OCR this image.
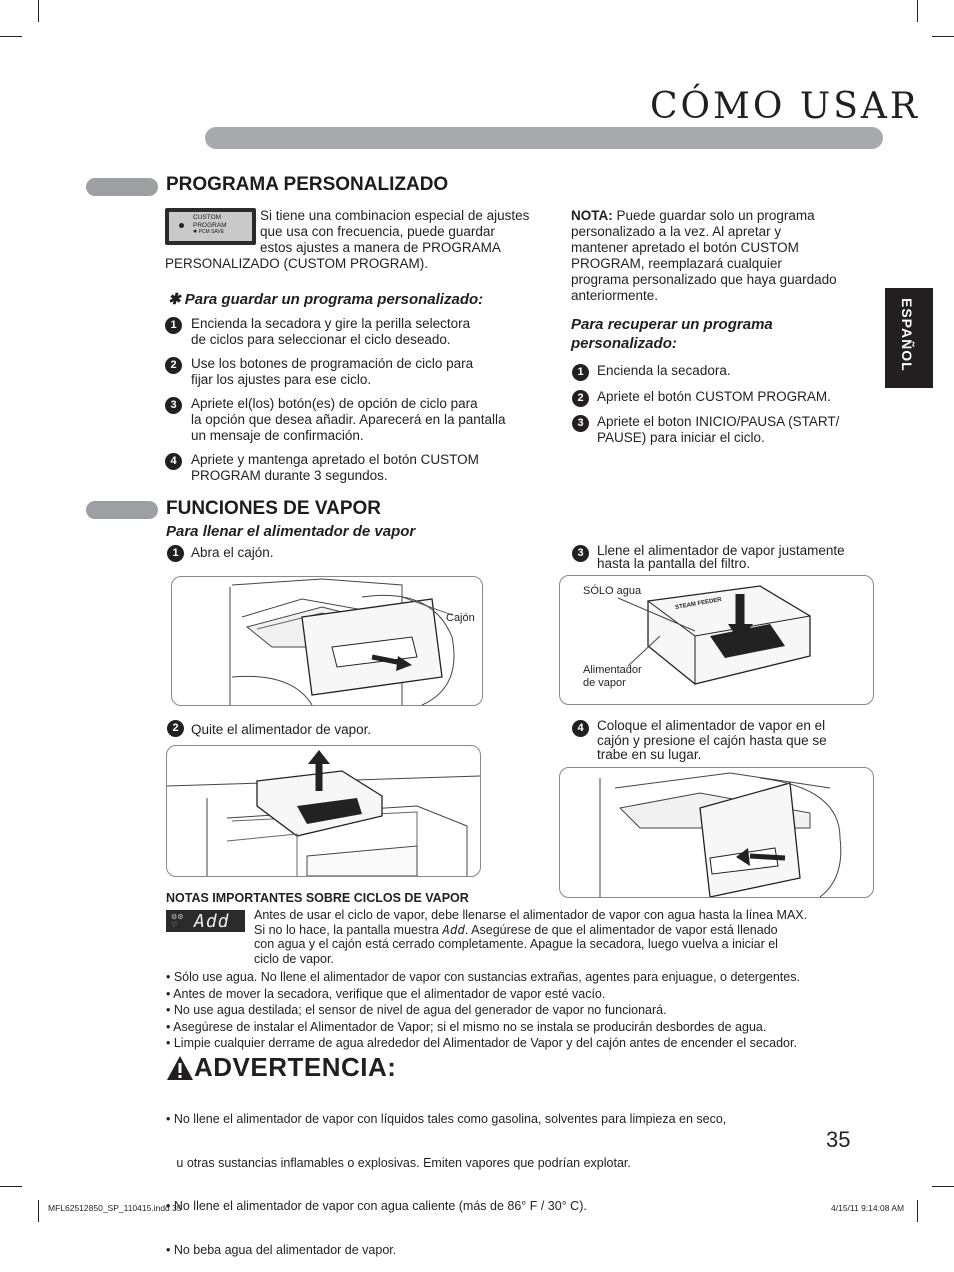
CÓMO USAR
ESPAÑOL
PROGRAMA PERSONALIZADO
CUSTOM
PROGRAM
✱ PCM SAVE
Si tiene una combinacion especial de ajustes
que usa con frecuencia, puede guardar
estos ajustes a manera de PROGRAMA
PERSONALIZADO (CUSTOM PROGRAM).
✱ Para guardar un programa personalizado:
1	Encienda la secadora y gire la perilla selectora
de ciclos para seleccionar el ciclo deseado.
2	Use los botones de programación de ciclo para
fijar los ajustes para ese ciclo.
3	Apriete el(los) botón(es) de opción de ciclo para
la opción que desea añadir. Aparecerá en la pantalla
un mensaje de confirmación.
4	Apriete y mantenga apretado el botón CUSTOM
PROGRAM durante 3 segundos.
NOTA: Puede guardar solo un programa
personalizado a la vez. Al apretar y
mantener apretado el botón CUSTOM
PROGRAM, reemplazará cualquier
programa personalizado que haya guardado
anteriormente.
Para recuperar un programa
personalizado:
1 Encienda la secadora.
2 Apriete el botón CUSTOM PROGRAM.
3 Apriete el boton INICIO/PAUSA (START/
PAUSE) para iniciar el ciclo.
FUNCIONES DE VAPOR
Para llenar el alimentador de vapor
1 Abra el cajón.
Cajón
2 Quite el alimentador de vapor.
3 Llene el alimentador de vapor justamente
hasta la pantalla del filtro.
SÓLO agua
Alimentador
de vapor
STEAM FEEDER
4 Coloque el alimentador de vapor en el
cajón y presione el cajón hasta que se
trabe en su lugar.
NOTAS IMPORTANTES SOBRE CICLOS DE VAPOR
⚙⚙
♡ Add Antes de usar el ciclo de vapor, debe llenarse el alimentador de vapor con agua hasta la línea MAX.
Si no lo hace, la pantalla muestra Add. Asegúrese de que el alimentador de vapor está llenado
con agua y el cajón está cerrado completamente. Apague la secadora, luego vuelva a iniciar el
ciclo de vapor.
• Sólo use agua. No llene el alimentador de vapor con sustancias extrañas, agentes para enjuague, o detergentes.
• Antes de mover la secadora, verifique que el alimentador de vapor esté vacío.
• No use agua destilada; el sensor de nivel de agua del generador de vapor no funcionará.
• Asegúrese de instalar el Alimentador de Vapor; si el mismo no se instala se producirán desbordes de agua.
• Limpie cualquier derrame de agua alrededor del Alimentador de Vapor y del cajón antes de encender el secador.
ADVERTENCIA:

• No llene el alimentador de vapor con líquidos tales como gasolina, solventes para limpieza en seco,

u otras sustancias inflamables o explosivas. Emiten vapores que podrían explotar.

• No llene el alimentador de vapor con agua caliente (más de 86° F / 30° C).

• No beba agua del alimentador de vapor.

35
MFL62512850_SP_110415.indd 35	4/15/11 9:14:08 AM
